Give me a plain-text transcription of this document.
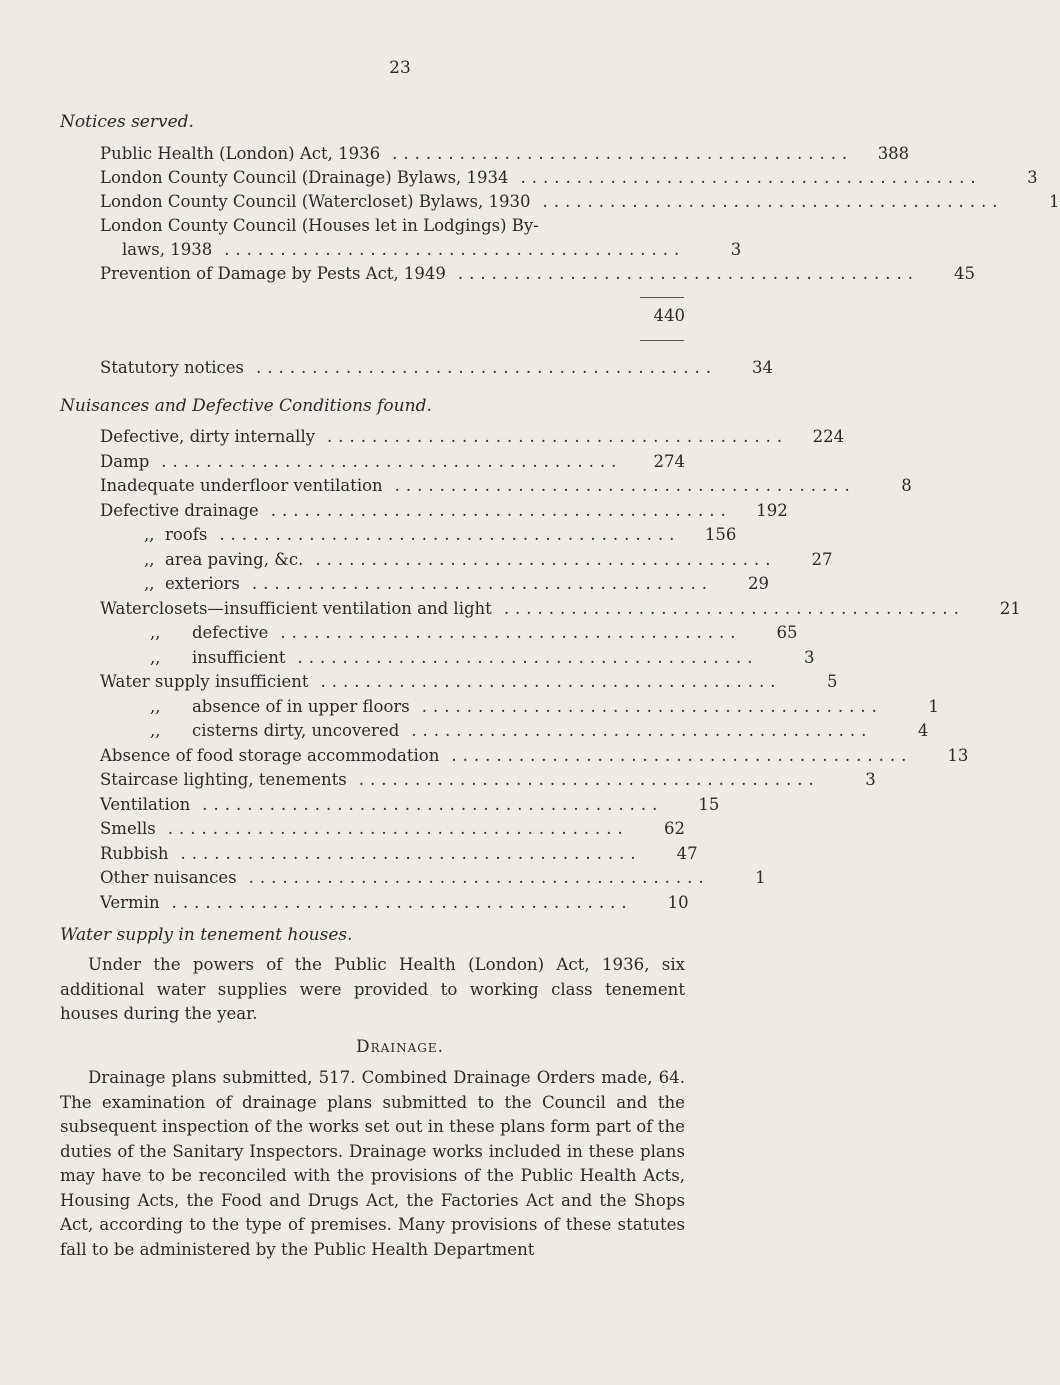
23
Notices served.
Public Health (London) Act, 1936 .........................................	388
London County Council (Drainage) Bylaws, 1934 .........................................	3
London County Council (Watercloset) Bylaws, 1930 .........................................	1
London County Council (Houses let in Lodgings) By-
laws, 1938 .........................................	3
Prevention of Damage by Pests Act, 1949 .........................................	45
440
Statutory notices .........................................	34
Nuisances and Defective Conditions found.
Defective, dirty internally .........................................	224
Damp .........................................	274
Inadequate underfloor ventilation .........................................	8
Defective drainage .........................................	192
,,  roofs .........................................	156
,,  area paving, &c. .........................................	27
,,  exteriors .........................................	29
Waterclosets—insufficient ventilation and light .........................................	21
,,      defective .........................................	65
,,      insufficient .........................................	3
Water supply insufficient .........................................	5
,,      absence of in upper floors .........................................	1
,,      cisterns dirty, uncovered .........................................	4
Absence of food storage accommodation .........................................	13
Staircase lighting, tenements .........................................	3
Ventilation .........................................	15
Smells .........................................	62
Rubbish .........................................	47
Other nuisances .........................................	1
Vermin .........................................	10
Water supply in tenement houses.

Under the powers of the Public Health (London) Act, 1936, six additional water supplies were provided to working class tenement houses during the year.

Drainage.

Drainage plans submitted, 517. Combined Drainage Orders made, 64. The examination of drainage plans submitted to the Council and the subsequent inspection of the works set out in these plans form part of the duties of the Sanitary Inspectors. Drainage works included in these plans may have to be reconciled with the provisions of the Public Health Acts, Housing Acts, the Food and Drugs Act, the Factories Act and the Shops Act, according to the type of premises. Many provisions of these statutes fall to be administered by the Public Health Department
